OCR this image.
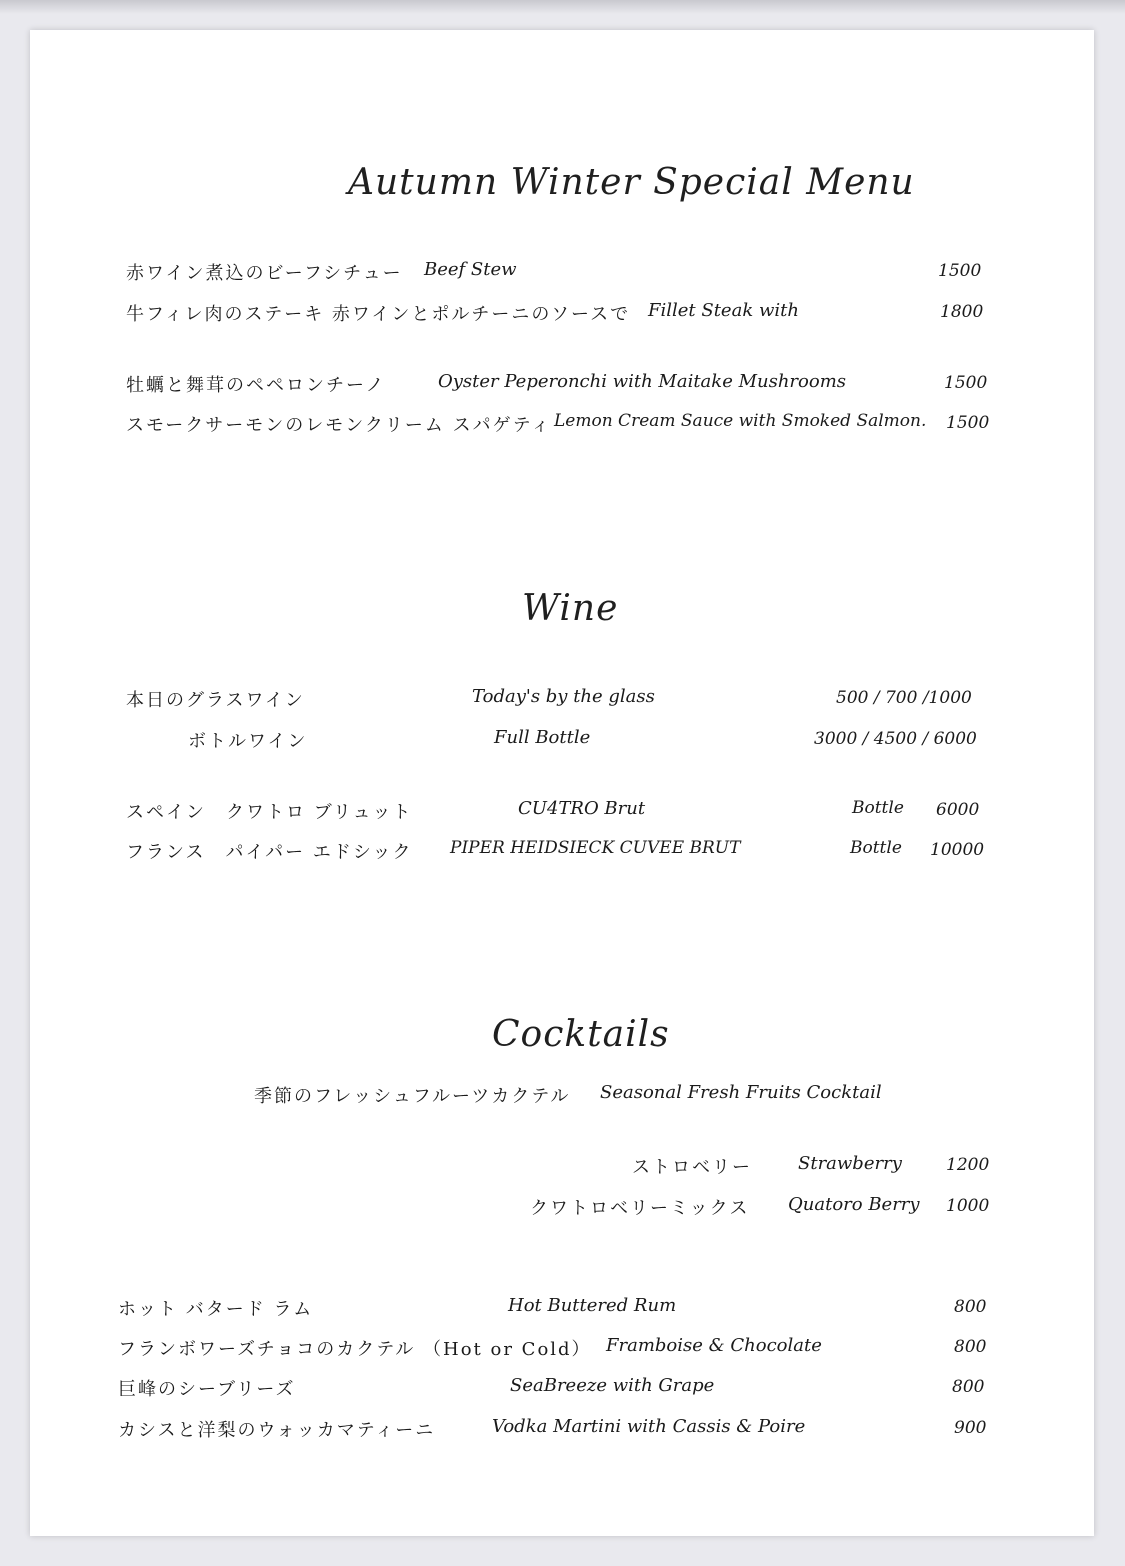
Autumn Winter Special Menu
赤ワイン煮込のビーフシチュー Beef Stew	1500
牛フィレ肉のステーキ 赤ワインとポルチーニのソースで Fillet Steak with	1800
牡蠣と舞茸のペペロンチーノ	Oyster Peperonchi with Maitake Mushrooms	1500
スモークサーモンのレモンクリーム スパゲティ Lemon Cream Sauce with Smoked Salmon. 1500
Wine
本日のグラスワイン	Today's by the glass	500 / 700 /1000
ボトルワイン	Full Bottle	3000 / 4500 / 6000
スペイン　クワトロ ブリュット	CU4TRO Brut	Bottle 6000
フランス　パイパー エドシック PIPER HEIDSIECK CUVEE BRUT	Bottle 10000
Cocktails
季節のフレッシュフルーツカクテル Seasonal Fresh Fruits Cocktail
ストロベリー	Strawberry	1200
クワトロベリーミックス Quatoro Berry 1000
ホット バタード ラム	Hot Buttered Rum	800
フランボワーズチョコのカクテル （Hot or Cold） Framboise & Chocolate	800
巨峰のシーブリーズ	SeaBreeze with Grape	800
カシスと洋梨のウォッカマティーニ	Vodka Martini with Cassis & Poire	900
